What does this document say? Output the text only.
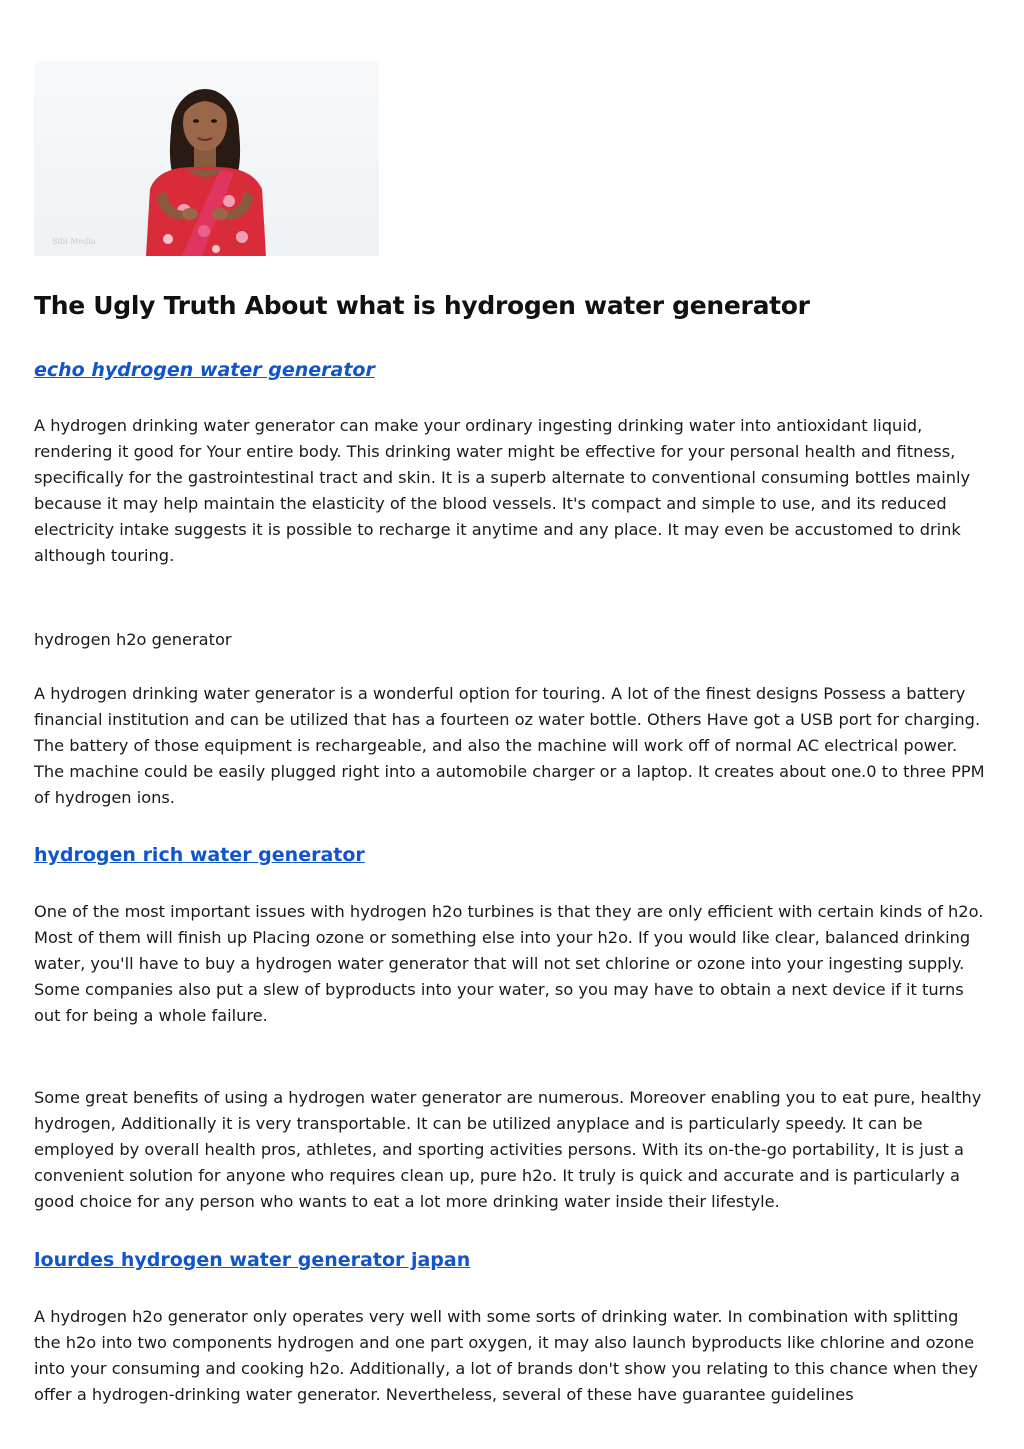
Sibi Media
The Ugly Truth About what is hydrogen water generator
echo hydrogen water generator

A hydrogen drinking water generator can make your ordinary ingesting drinking water into antioxidant liquid, rendering it good for Your entire body. This drinking water might be effective for your personal health and fitness, specifically for the gastrointestinal tract and skin. It is a superb alternate to conventional consuming bottles mainly because it may help maintain the elasticity of the blood vessels. It's compact and simple to use, and its reduced electricity intake suggests it is possible to recharge it anytime and any place. It may even be accustomed to drink although touring.

hydrogen h2o generator

A hydrogen drinking water generator is a wonderful option for touring. A lot of the finest designs Possess a battery financial institution and can be utilized that has a fourteen oz water bottle. Others Have got a USB port for charging. The battery of those equipment is rechargeable, and also the machine will work off of normal AC electrical power. The machine could be easily plugged right into a automobile charger or a laptop. It creates about one.0 to three PPM of hydrogen ions.

hydrogen rich water generator

One of the most important issues with hydrogen h2o turbines is that they are only efficient with certain kinds of h2o. Most of them will finish up Placing ozone or something else into your h2o. If you would like clear, balanced drinking water, you'll have to buy a hydrogen water generator that will not set chlorine or ozone into your ingesting supply. Some companies also put a slew of byproducts into your water, so you may have to obtain a next device if it turns out for being a whole failure.

Some great benefits of using a hydrogen water generator are numerous. Moreover enabling you to eat pure, healthy hydrogen, Additionally it is very transportable. It can be utilized anyplace and is particularly speedy. It can be employed by overall health pros, athletes, and sporting activities persons. With its on-the-go portability, It is just a convenient solution for anyone who requires clean up, pure h2o. It truly is quick and accurate and is particularly a good choice for any person who wants to eat a lot more drinking water inside their lifestyle.

lourdes hydrogen water generator japan

A hydrogen h2o generator only operates very well with some sorts of drinking water. In combination with splitting the h2o into two components hydrogen and one part oxygen, it may also launch byproducts like chlorine and ozone into your consuming and cooking h2o. Additionally, a lot of brands don't show you relating to this chance when they offer a hydrogen-drinking water generator. Nevertheless, several of these have guarantee guidelines
